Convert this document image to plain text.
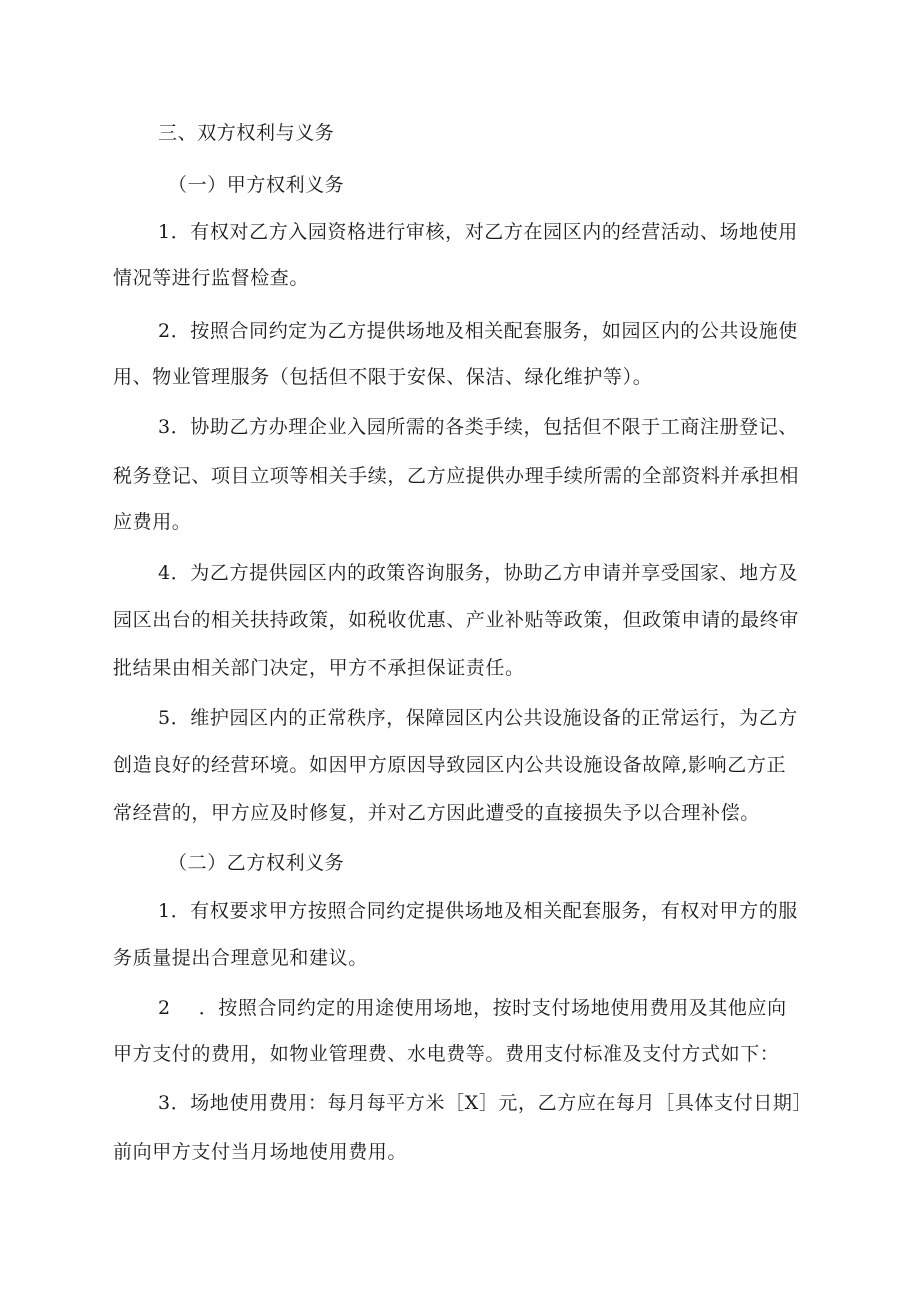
三、双方权利与义务
（一）甲方权利义务
1．有权对乙方入园资格进行审核，对乙方在园区内的经营活动、场地使用
情况等进行监督检查。
2．按照合同约定为乙方提供场地及相关配套服务，如园区内的公共设施使
用、物业管理服务（包括但不限于安保、保洁、绿化维护等）。
3．协助乙方办理企业入园所需的各类手续，包括但不限于工商注册登记、
税务登记、项目立项等相关手续，乙方应提供办理手续所需的全部资料并承担相
应费用。
4．为乙方提供园区内的政策咨询服务，协助乙方申请并享受国家、地方及
园区出台的相关扶持政策，如税收优惠、产业补贴等政策，但政策申请的最终审
批结果由相关部门决定，甲方不承担保证责任。
5．维护园区内的正常秩序，保障园区内公共设施设备的正常运行，为乙方
创造良好的经营环境。如因甲方原因导致园区内公共设施设备故障,影响乙方正
常经营的，甲方应及时修复，并对乙方因此遭受的直接损失予以合理补偿。
（二）乙方权利义务
1．有权要求甲方按照合同约定提供场地及相关配套服务，有权对甲方的服
务质量提出合理意见和建议。
2 ．按照合同约定的用途使用场地，按时支付场地使用费用及其他应向
甲方支付的费用，如物业管理费、水电费等。费用支付标准及支付方式如下：
3．场地使用费用：每月每平方米［X］元，乙方应在每月［具体支付日期］
前向甲方支付当月场地使用费用。
